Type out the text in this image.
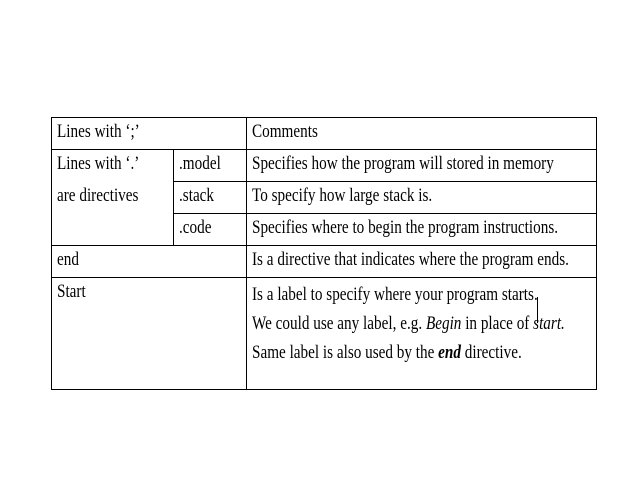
Lines with ‘;’		Comments

Lines with ‘.’
are directives	.model	Specifies how the program will stored in memory
	.stack	To specify how large stack is.
	.code	Specifies where to begin the program instructions.
end		Is a directive that indicates where the program ends.
Start		Is a label to specify where your program starts.
We could use any label, e.g. Begin in place of start.
Same label is also used by the end directive.
